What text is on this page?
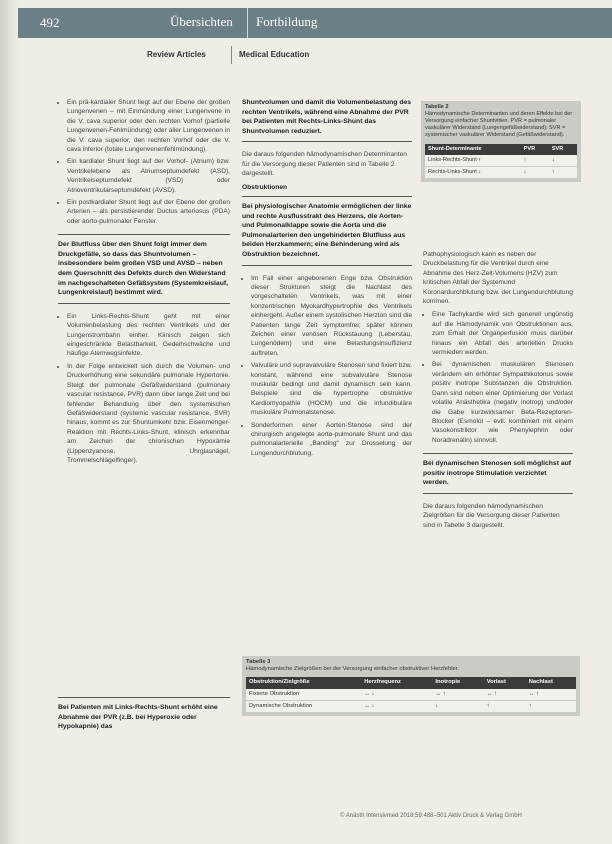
492	Übersichten Fortbildung
Review Articles	Medical Education
• Ein prä-kardialer Shunt liegt auf der Ebene der großen Lungenvenen – mit Einmündung einer Lungenvene in die V. cava superior oder den rechten Vorhof (partielle Lungenvenen-Fehlmündung) oder aller Lungenvenen in die V. cava superior, den rechten Vorhof oder die V. cava inferior (totale Lungenvenenfehlmündung).
• Ein kardialer Shunt liegt auf der Vorhof- (Atrium) bzw. Ventrikelebene als Atriumseptumdefekt (ASD), Ventrikelseptumdefekt (VSD) oder Atrioventrikularseptumdefekt (AVSD).
• Ein postkardialer Shunt liegt auf der Ebene der großen Arterien – als persistierender Ductus arteriosus (PDA) oder aorto-pulmonaler Fenster.
Der Blutfluss über den Shunt folgt immer dem Druckgefälle, so dass das Shuntvolumen – insbesondere beim großen VSD und AVSD – neben dem Querschnitt des Defekts durch den Widerstand im nachgeschalteten Gefäßsystem (Systemkreislauf, Lungenkreislauf) bestimmt wird.
• Ein Links-Rechts-Shunt geht mit einer Volumenbelastung des rechten Ventrikels und der Lungenstrombahn einher. Klinisch zeigen sich eingeschränkte Belastbarkeit, Gedeihschwäche und häufige Atemwegsinfekte.
• In der Folge entwickelt sich durch die Volumen- und Druckerhöhung eine sekundäre pulmonale Hypertonie. Steigt der pulmonale Gefäßwiderstand (pulmonary vascular resistance, PVR) dann über lange Zeit und bei fehlender Behandlung über den systemischen Gefäßwiderstand (systemic vascular resistance, SVR) hinaus, kommt es zur Shuntumkehr bzw. Eisenmenger-Reaktion mit Rechts-Links-Shunt, klinisch erkennbar am Zeichen der chronischen Hypoxämie (Lippenzyanose, Uhrglasnägel, Trommelschlägelfinger).
Bei Patienten mit Links-Rechts-Shunt erhöht eine Abnahme der PVR (z.B. bei Hyperoxie oder Hypokapnie) das
Shuntvolumen und damit die Volumenbelastung des rechten Ventrikels, während eine Abnahme der PVR bei Patienten mit Rechts-Links-Shunt das Shuntvolumen reduziert.

Die daraus folgenden hämodynamischen Determinanten für die Versorgung dieser Patienten sind in Tabelle 2 dargestellt.

Obstruktionen
Bei physiologischer Anatomie ermöglichen der linke und rechte Ausflusstrakt des Herzens, die Aorten- und Pulmonalklappe sowie die Aorta und die Pulmonalarterien den ungehinderten Blutfluss aus beiden Herzkammern; eine Behinderung wird als Obstruktion bezeichnet.
• Im Fall einer angeborenen Enge bzw. Obstruktion dieser Strukturen steigt die Nachlast des vorgeschalteten Ventrikels, was mit einer konzentrischen Myokardhypertrophie des Ventrikels einhergeht. Außer einem systolischen Herzton sind die Patienten lange Zeit symptomfrei; später können Zeichen einer venösen Rückstauung (Leberstau, Lungenödem) und eine Belastungsinsuffizienz auftreten.
• Valvuläre und supravalvuläre Stenosen sind fixiert bzw. konstant, während eine subvalvuläre Stenose muskulär bedingt und damit dynamisch sein kann. Beispiele sind die hypertrophe obstruktive Kardiomyopathie (HOCM) und die infundibuläre muskuläre Pulmonalstenose.
• Sonderformen einer Aorten-Stenose sind der chirurgisch angelegte aorto-pulmonale Shunt und das pulmonalarterielle „Banding“ zur Drosselung der Lungendurchblutung.
Tabelle 2
Hämodynamische Determinanten und deren Effekte bei der Versorgung einfacher Shuntvitien. PVR = pulmonaler vaskulärer Widerstand (Lungengefäßwiderstand); SVR = systemischer vaskulärer Widerstand (Gefäßwiderstand).
Shunt-Determinante	PVR	SVR
Links-Rechts-Shunt ↑	↑	↓
Rechts-Links-Shunt ↓	↓	↑

Pathophysiologisch kann es neben der Druckbelastung für die Ventrikel durch eine Abnahme des Herz-Zeit-Volumens (HZV) zum kritischen Abfall der Systemund Koronardurchblutung bzw. der Lungendurchblutung kommen.

• Eine Tachykardie wird sich generell ungünstig auf die Hämodynamik von Obstruktionen aus, zum Erhalt der Organperfusion muss darüber hinaus ein Abfall des arteriellen Drucks vermieden werden.
• Bei dynamischen muskulären Stenosen verändern ein erhöhter Sympathikotonus sowie positiv inotrope Substanzen die Obstruktion. Dann sind neben einer Optimierung der Vorlast volatile Anästhetika (negativ inotrop) und/oder die Gabe kurzwirksamer Beta-Rezeptoren-Blocker (Esmolol – evtl. kombiniert mit einem Vasokonstriktor wie Phenylephrin oder Noradrenalin) sinnvoll.
Bei dynamischen Stenosen soll möglichst auf positiv inotrope Stimulation verzichtet werden.

Die daraus folgenden hämodynamischen Zielgrößen für die Versorgung dieser Patienten sind in Tabelle 3 dargestellt.

Tabelle 3
Hämodynamische Zielgrößen bei der Versorgung einfacher obstruktiver Herzfehler.
Obstruktion/Zielgröße	Herzfrequenz	Inotropie	Vorlast	Nachlast
Fixierte Obstruktion	↔ ↓	↔ ↑	↔ ↑	↔ ↑
Dynamische Obstruktion	↔ ↓	↓	↑	↑
© Anästh Intensivmed 2018;59:488–501 Aktiv Druck & Verlag GmbH
